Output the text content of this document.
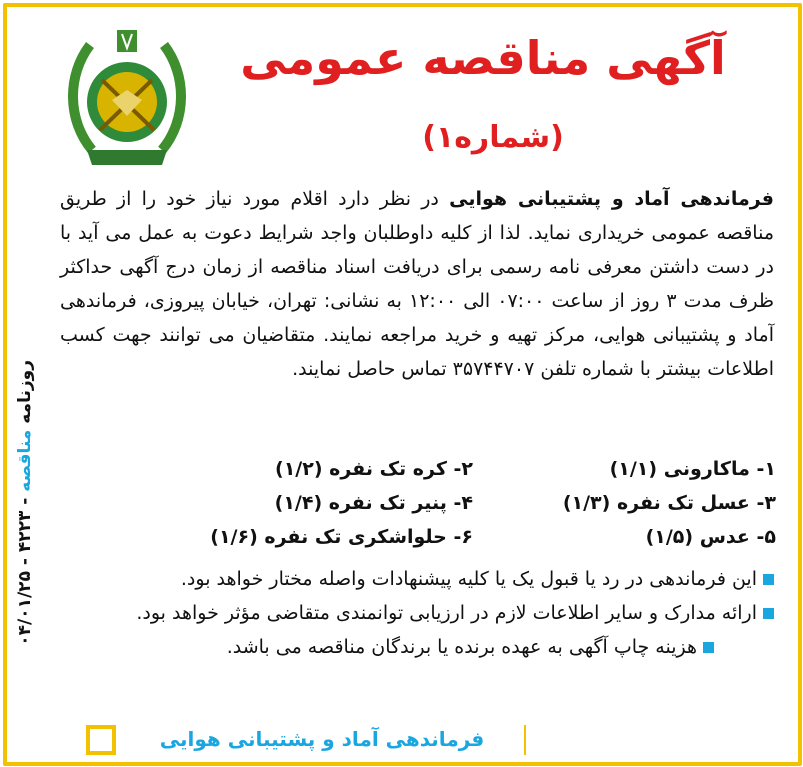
آگهی مناقصه عمومی
(شماره۱)
فرماندهی آماد و پشتیبانی هوایی در نظر دارد اقلام مورد نیاز خود را از طریق مناقصه عمومی خریداری نماید. لذا از کلیه داوطلبان واجد شرایط دعوت به عمل می آید با در دست داشتن معرفی نامه رسمی برای دریافت اسناد مناقصه از زمان درج آگهی حداکثر ظرف مدت ۳ روز از ساعت ۰۷:۰۰ الی ۱۲:۰۰ به نشانی: تهران، خیابان پیروزی، فرماندهی آماد و پشتیبانی هوایی، مرکز تهیه و خرید مراجعه نمایند. متقاضیان می توانند جهت کسب اطلاعات بیشتر با شماره تلفن ۳۵۷۴۴۷۰۷ تماس حاصل نمایند.
۱- ماکارونی (۱/۱)
۲- کره تک نفره (۱/۲)
۳- عسل تک نفره (۱/۳)
۴- پنیر تک نفره (۱/۴)
۵- عدس (۱/۵)
۶- حلواشکری تک نفره (۱/۶)
این فرماندهی در رد یا قبول یک یا کلیه پیشنهادات واصله مختار خواهد بود.
ارائه مدارک و سایر اطلاعات لازم در ارزیابی توانمندی متقاضی مؤثر خواهد بود.
هزینه چاپ آگهی به عهده برنده یا برندگان مناقصه می باشد.
روزنامه مناقصه - ۴۲۲۳ - ۰۴/۰۱/۲۵
فرماندهی آماد و پشتیبانی هوایی
